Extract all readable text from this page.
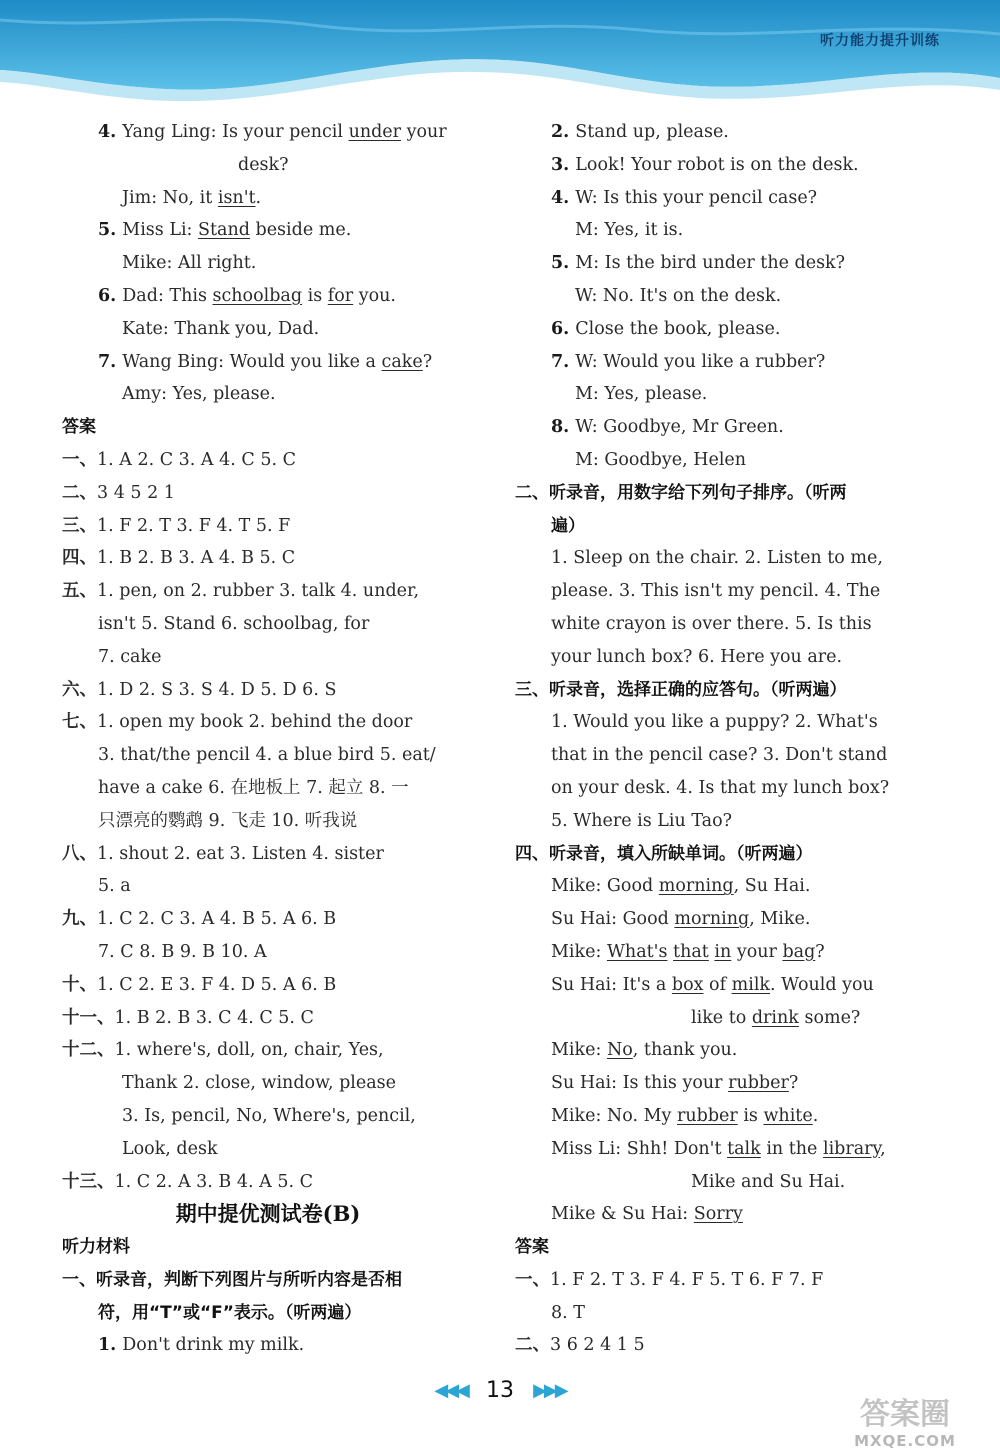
听力能力提升训练
4. Yang Ling: Is your pencil under your
desk?
Jim: No, it isn't.
5. Miss Li: Stand beside me.
Mike: All right.
6. Dad: This schoolbag is for you.
Kate: Thank you, Dad.
7. Wang Bing: Would you like a cake?
Amy: Yes, please.
答案
一、1. A 2. C 3. A 4. C 5. C
二、3 4 5 2 1
三、1. F 2. T 3. F 4. T 5. F
四、1. B 2. B 3. A 4. B 5. C
五、1. pen, on 2. rubber 3. talk 4. under,
isn't 5. Stand 6. schoolbag, for
7. cake
六、1. D 2. S 3. S 4. D 5. D 6. S
七、1. open my book 2. behind the door
3. that/the pencil 4. a blue bird 5. eat/
have a cake 6. 在地板上 7. 起立 8. 一
只漂亮的鹦鹉 9. 飞走 10. 听我说
八、1. shout 2. eat 3. Listen 4. sister
5. a
九、1. C 2. C 3. A 4. B 5. A 6. B
7. C 8. B 9. B 10. A
十、1. C 2. E 3. F 4. D 5. A 6. B
十一、1. B 2. B 3. C 4. C 5. C
十二、1. where's, doll, on, chair, Yes,
Thank 2. close, window, please
3. Is, pencil, No, Where's, pencil,
Look, desk
十三、1. C 2. A 3. B 4. A 5. C
期中提优测试卷(B)
听力材料
一、听录音，判断下列图片与所听内容是否相
符，用“T”或“F”表示。（听两遍）
1. Don't drink my milk.
2. Stand up, please.
3. Look! Your robot is on the desk.
4. W: Is this your pencil case?
M: Yes, it is.
5. M: Is the bird under the desk?
W: No. It's on the desk.
6. Close the book, please.
7. W: Would you like a rubber?
M: Yes, please.
8. W: Goodbye, Mr Green.
M: Goodbye, Helen
二、听录音，用数字给下列句子排序。（听两
遍）
1. Sleep on the chair. 2. Listen to me,
please. 3. This isn't my pencil. 4. The
white crayon is over there. 5. Is this
your lunch box? 6. Here you are.
三、听录音，选择正确的应答句。（听两遍）
1. Would you like a puppy? 2. What's
that in the pencil case? 3. Don't stand
on your desk. 4. Is that my lunch box?
5. Where is Liu Tao?
四、听录音，填入所缺单词。（听两遍）
Mike: Good morning, Su Hai.
Su Hai: Good morning, Mike.
Mike: What's that in your bag?
Su Hai: It's a box of milk. Would you
like to drink some?
Mike: No, thank you.
Su Hai: Is this your rubber?
Mike: No. My rubber is white.
Miss Li: Shh! Don't talk in the library,
Mike and Su Hai.
Mike & Su Hai: Sorry
答案
一、1. F 2. T 3. F 4. F 5. T 6. F 7. F
8. T
二、3 6 2 4 1 5
◀◀◀ 13 ▶▶▶
答案圈
MXQE.COM
